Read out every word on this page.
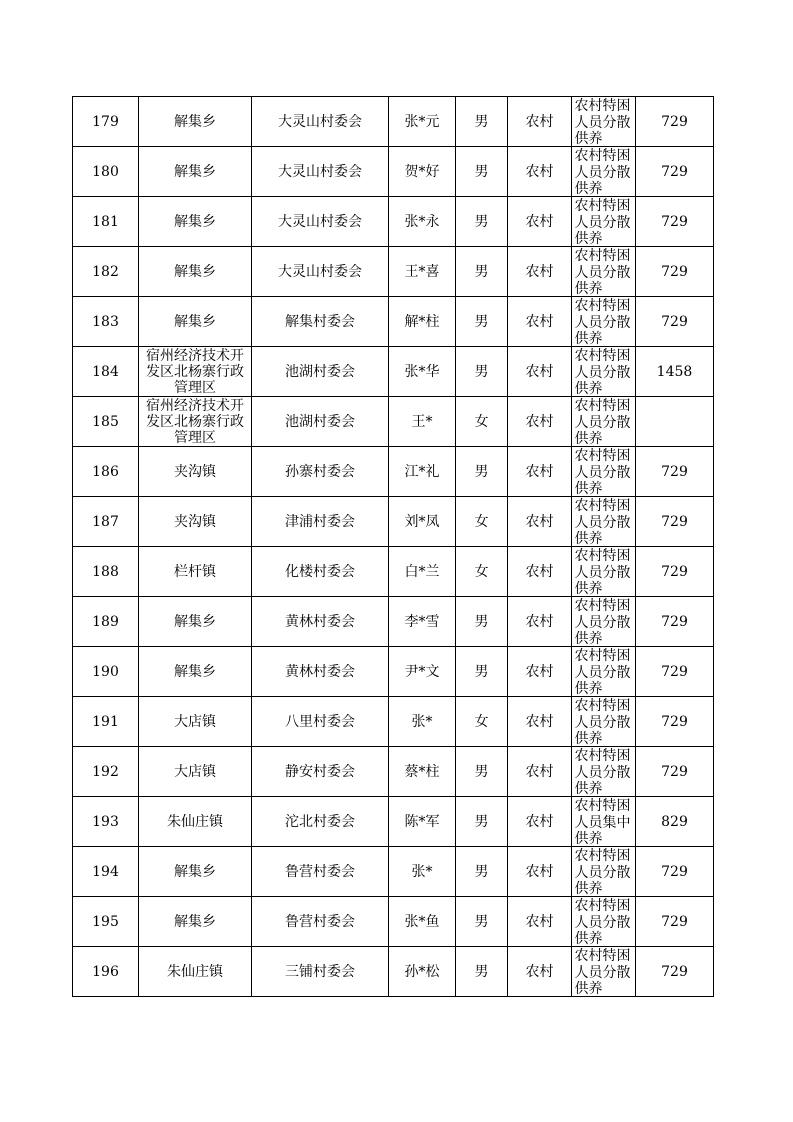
179	解集乡	大灵山村委会	张*元	男	农村	农村特困人员分散供养	729
180	解集乡	大灵山村委会	贺*好	男	农村	农村特困人员分散供养	729
181	解集乡	大灵山村委会	张*永	男	农村	农村特困人员分散供养	729
182	解集乡	大灵山村委会	王*喜	男	农村	农村特困人员分散供养	729
183	解集乡	解集村委会	解*柱	男	农村	农村特困人员分散供养	729
184	宿州经济技术开发区北杨寨行政管理区	池湖村委会	张*华	男	农村	农村特困人员分散供养	1458
185	宿州经济技术开发区北杨寨行政管理区	池湖村委会	王*	女	农村	农村特困人员分散供养	

186	夹沟镇	孙寨村委会	江*礼	男	农村	农村特困人员分散供养	729
187	夹沟镇	津浦村委会	刘*凤	女	农村	农村特困人员分散供养	729
188	栏杆镇	化楼村委会	白*兰	女	农村	农村特困人员分散供养	729
189	解集乡	黄林村委会	李*雪	男	农村	农村特困人员分散供养	729
190	解集乡	黄林村委会	尹*文	男	农村	农村特困人员分散供养	729
191	大店镇	八里村委会	张*	女	农村	农村特困人员分散供养	729
192	大店镇	静安村委会	蔡*柱	男	农村	农村特困人员分散供养	729
193	朱仙庄镇	沱北村委会	陈*军	男	农村	农村特困人员集中供养	829
194	解集乡	鲁营村委会	张*	男	农村	农村特困人员分散供养	729
195	解集乡	鲁营村委会	张*鱼	男	农村	农村特困人员分散供养	729
196	朱仙庄镇	三铺村委会	孙*松	男	农村	农村特困人员分散供养	729
